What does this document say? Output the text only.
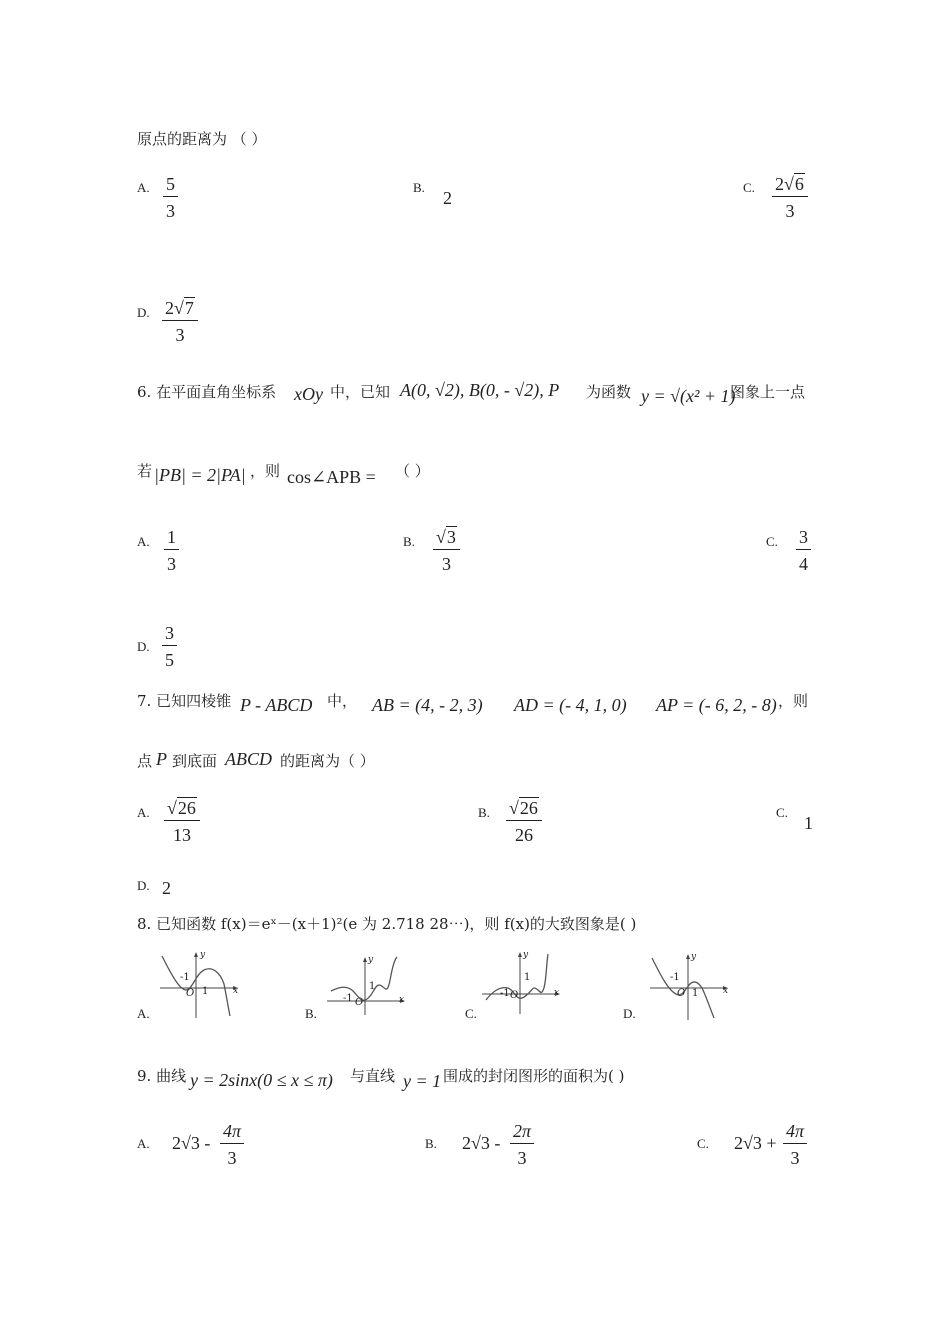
原点的距离为 （ ）
A. 5
3
B.
2
C. 2√6
3
D. 2√7
3
6. 在平面直角坐标系 xOy 中，已知 A(0, √2), B(0, - √2), P 为函数 y = √(x² + 1)
图象上一点
若 |PB| = 2|PA| ，则 cos∠APB = （ ）
A. 1
3
B. √3
3
C. 3
4
D.
3
5
7. 已知四棱锥 P - ABCD 中， AB = (4, - 2, 3) AD = (- 4, 1, 0) AP = (- 6, 2, - 8) ，则
点 P 到底面 ABCD 的距离为（ ）
A. √26
13
B. √26
26
C.
1
D. 2
8. 已知函数 f(x)＝eˣ－(x＋1)²(e 为 2.718 28⋯)，则 f(x)的大致图象是( )
A.
x
y
-1
1
O
B.
x
y
-1
1
O
C.
x
y
-1
1
O
D.
x
y
-1
1
O
9. 曲线 y = 2sinx(0 ≤ x ≤ π) 与直线 y = 1 围成的封闭图形的面积为( )
A. 2√3 -
4π
3
B. 2√3 -
2π
3
C. 2√3 +
4π
3
